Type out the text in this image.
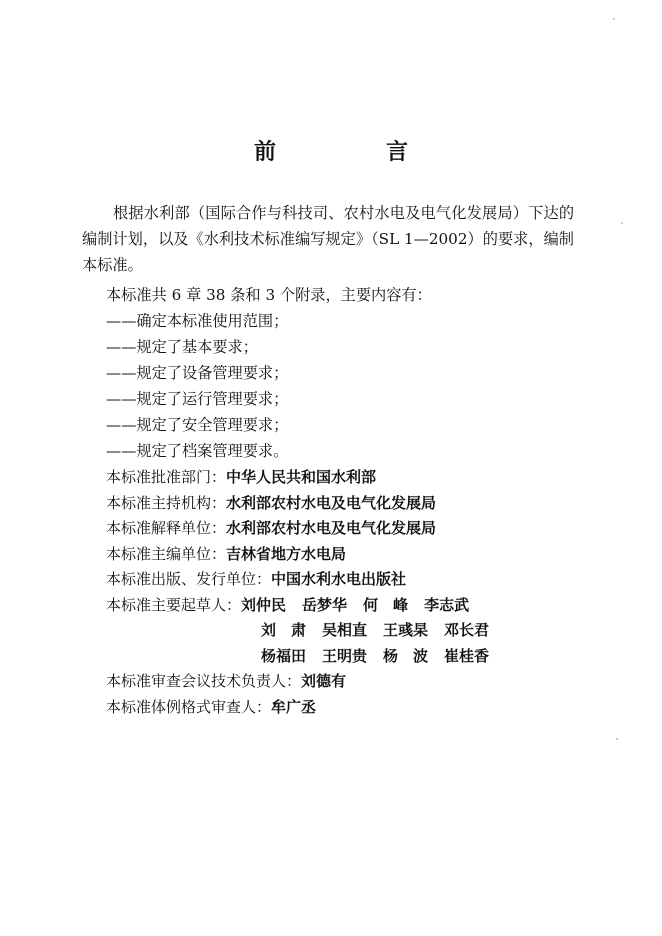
前　言

根据水利部（国际合作与科技司、农村水电及电气化发展局）下达的编制计划，以及《水利技术标准编写规定》（SL 1—2002）的要求，编制本标准。

本标准共 6 章 38 条和 3 个附录，主要内容有：
——确定本标准使用范围；
——规定了基本要求；
——规定了设备管理要求；
——规定了运行管理要求；
——规定了安全管理要求；
——规定了档案管理要求。
本标准批准部门：中华人民共和国水利部
本标准主持机构：水利部农村水电及电气化发展局
本标准解释单位：水利部农村水电及电气化发展局
本标准主编单位：吉林省地方水电局
本标准出版、发行单位：中国水利水电出版社
本标准主要起草人：刘仲民 岳梦华 何　峰 李志武
刘　肃 吴相直 王彧杲 邓长君
杨福田 王明贵 杨　波 崔桂香
本标准审查会议技术负责人：刘德有
本标准体例格式审查人：牟广丞
